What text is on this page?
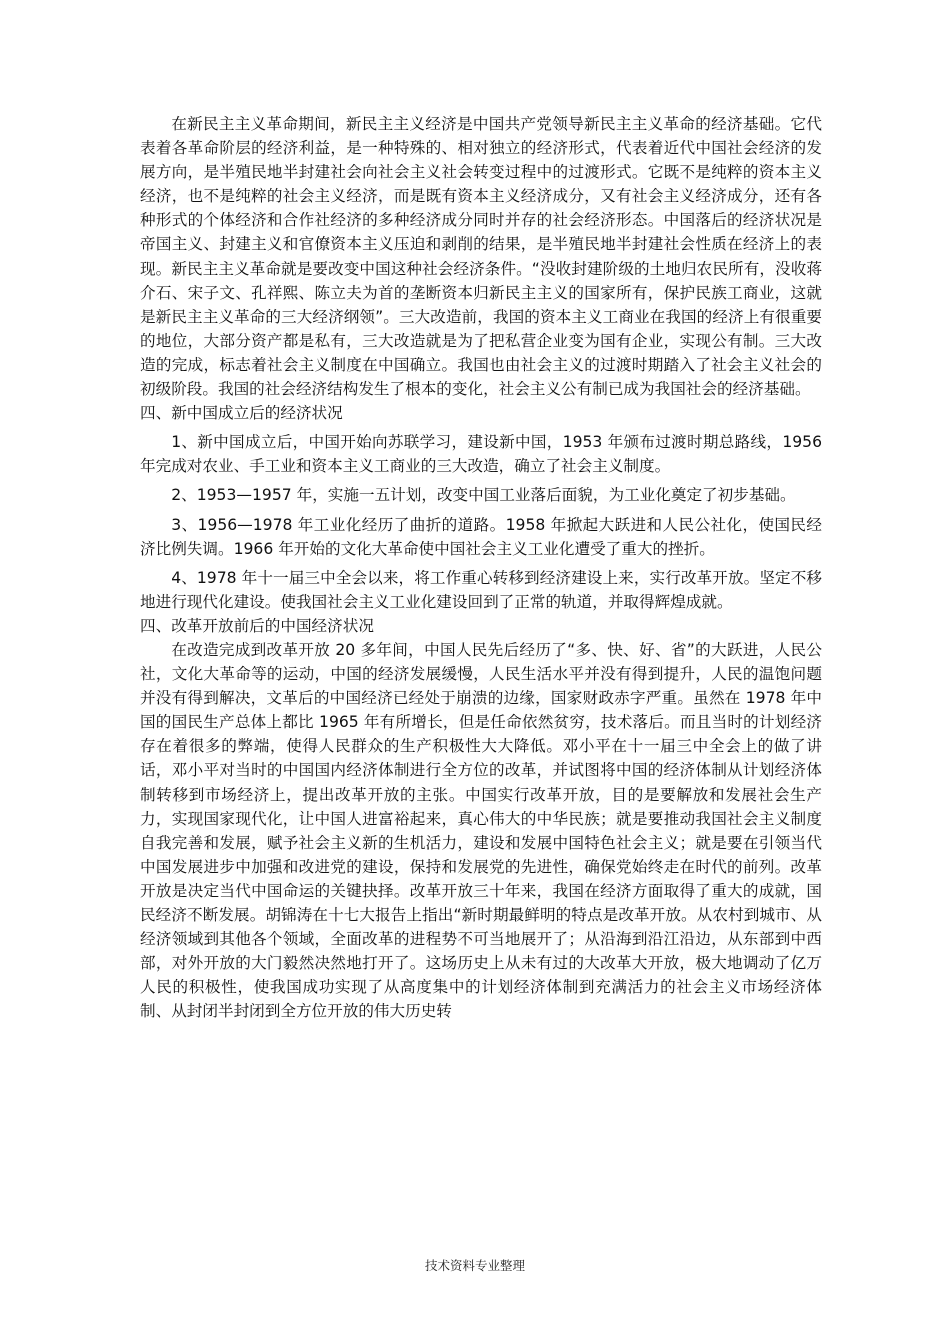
在新民主主义革命期间，新民主主义经济是中国共产党领导新民主主义革命的经济基础。它代表着各革命阶层的经济利益，是一种特殊的、相对独立的经济形式，代表着近代中国社会经济的发展方向，是半殖民地半封建社会向社会主义社会转变过程中的过渡形式。它既不是纯粹的资本主义经济，也不是纯粹的社会主义经济，而是既有资本主义经济成分，又有社会主义经济成分，还有各种形式的个体经济和合作社经济的多种经济成分同时并存的社会经济形态。中国落后的经济状况是帝国主义、封建主义和官僚资本主义压迫和剥削的结果，是半殖民地半封建社会性质在经济上的表现。新民主主义革命就是要改变中国这种社会经济条件。“没收封建阶级的土地归农民所有，没收蒋介石、宋子文、孔祥熙、陈立夫为首的垄断资本归新民主主义的国家所有，保护民族工商业，这就是新民主主义革命的三大经济纲领”。三大改造前，我国的资本主义工商业在我国的经济上有很重要的地位，大部分资产都是私有，三大改造就是为了把私营企业变为国有企业，实现公有制。三大改造的完成，标志着社会主义制度在中国确立。我国也由社会主义的过渡时期踏入了社会主义社会的初级阶段。我国的社会经济结构发生了根本的变化，社会主义公有制已成为我国社会的经济基础。

四、新中国成立后的经济状况

1、新中国成立后，中国开始向苏联学习，建设新中国，1953 年颁布过渡时期总路线，1956 年完成对农业、手工业和资本主义工商业的三大改造，确立了社会主义制度。

2、1953—1957 年，实施一五计划，改变中国工业落后面貌，为工业化奠定了初步基础。

3、1956—1978 年工业化经历了曲折的道路。1958 年掀起大跃进和人民公社化，使国民经济比例失调。1966 年开始的文化大革命使中国社会主义工业化遭受了重大的挫折。

4、1978 年十一届三中全会以来，将工作重心转移到经济建设上来，实行改革开放。坚定不移地进行现代化建设。使我国社会主义工业化建设回到了正常的轨道，并取得辉煌成就。

四、改革开放前后的中国经济状况

在改造完成到改革开放 20 多年间，中国人民先后经历了“多、快、好、省”的大跃进，人民公社，文化大革命等的运动，中国的经济发展缓慢，人民生活水平并没有得到提升，人民的温饱问题并没有得到解决，文革后的中国经济已经处于崩溃的边缘，国家财政赤字严重。虽然在 1978 年中国的国民生产总体上都比 1965 年有所增长，但是任命依然贫穷，技术落后。而且当时的计划经济存在着很多的弊端，使得人民群众的生产积极性大大降低。邓小平在十一届三中全会上的做了讲话，邓小平对当时的中国国内经济体制进行全方位的改革，并试图将中国的经济体制从计划经济体制转移到市场经济上，提出改革开放的主张。中国实行改革开放，目的是要解放和发展社会生产力，实现国家现代化，让中国人进富裕起来，真心伟大的中华民族；就是要推动我国社会主义制度自我完善和发展，赋予社会主义新的生机活力，建设和发展中国特色社会主义；就是要在引领当代中国发展进步中加强和改进党的建设，保持和发展党的先进性，确保党始终走在时代的前列。改革开放是决定当代中国命运的关键抉择。改革开放三十年来，我国在经济方面取得了重大的成就，国民经济不断发展。胡锦涛在十七大报告上指出“新时期最鲜明的特点是改革开放。从农村到城市、从经济领域到其他各个领域，全面改革的进程势不可当地展开了；从沿海到沿江沿边，从东部到中西部，对外开放的大门毅然决然地打开了。这场历史上从未有过的大改革大开放，极大地调动了亿万人民的积极性，使我国成功实现了从高度集中的计划经济体制到充满活力的社会主义市场经济体制、从封闭半封闭到全方位开放的伟大历史转

技术资料专业整理
